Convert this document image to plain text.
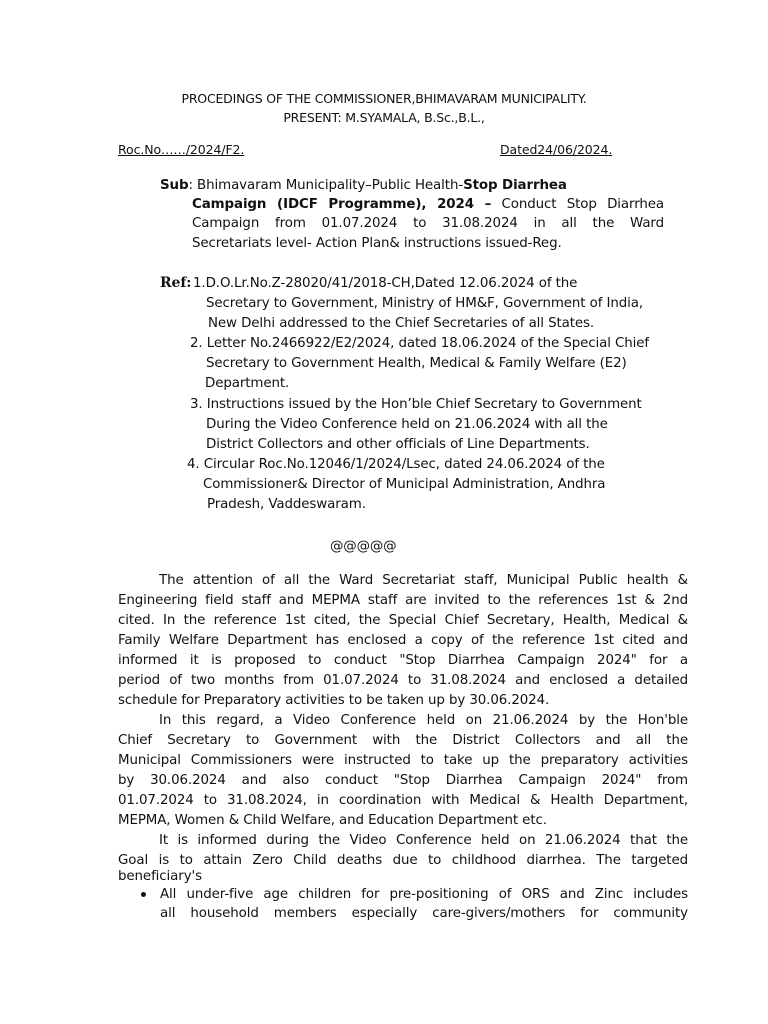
PROCEDINGS OF THE COMMISSIONER,BHIMAVARAM MUNICIPALITY.
PRESENT: M.SYAMALA, B.Sc.,B.L.,
Roc.No……/2024/F2.	Dated24/06/2024.
Sub: Bhimavaram Municipality–Public Health-Stop Diarrhea
Campaign (IDCF Programme), 2024 – Conduct Stop Diarrhea
Campaign from 01.07.2024 to 31.08.2024 in all the Ward
Secretariats level- Action Plan& instructions issued-Reg.
Ref: 1.D.O.Lr.No.Z-28020/41/2018-CH,Dated 12.06.2024 of the
Secretary to Government, Ministry of HM&F, Government of India,
New Delhi addressed to the Chief Secretaries of all States.
2. Letter No.2466922/E2/2024, dated 18.06.2024 of the Special Chief
Secretary to Government Health, Medical & Family Welfare (E2)
Department.
3. Instructions issued by the Hon’ble Chief Secretary to Government
During the Video Conference held on 21.06.2024 with all the
District Collectors and other officials of Line Departments.
4. Circular Roc.No.12046/1/2024/Lsec, dated 24.06.2024 of the
Commissioner& Director of Municipal Administration, Andhra
Pradesh, Vaddeswaram.
@@@@@
The attention of all the Ward Secretariat staff, Municipal Public health &
Engineering field staff and MEPMA staff are invited to the references 1st & 2nd
cited. In the reference 1st cited, the Special Chief Secretary, Health, Medical &
Family Welfare Department has enclosed a copy of the reference 1st cited and
informed it is proposed to conduct "Stop Diarrhea Campaign 2024" for a
period of two months from 01.07.2024 to 31.08.2024 and enclosed a detailed
schedule for Preparatory activities to be taken up by 30.06.2024.
In this regard, a Video Conference held on 21.06.2024 by the Hon'ble
Chief Secretary to Government with the District Collectors and all the
Municipal Commissioners were instructed to take up the preparatory activities
by 30.06.2024 and also conduct "Stop Diarrhea Campaign 2024" from
01.07.2024 to 31.08.2024, in coordination with Medical & Health Department,
MEPMA, Women & Child Welfare, and Education Department etc.
It is informed during the Video Conference held on 21.06.2024 that the
Goal is to attain Zero Child deaths due to childhood diarrhea. The targeted
beneficiary's
All under-five age children for pre-positioning of ORS and Zinc includes
all household members especially care-givers/mothers for community
